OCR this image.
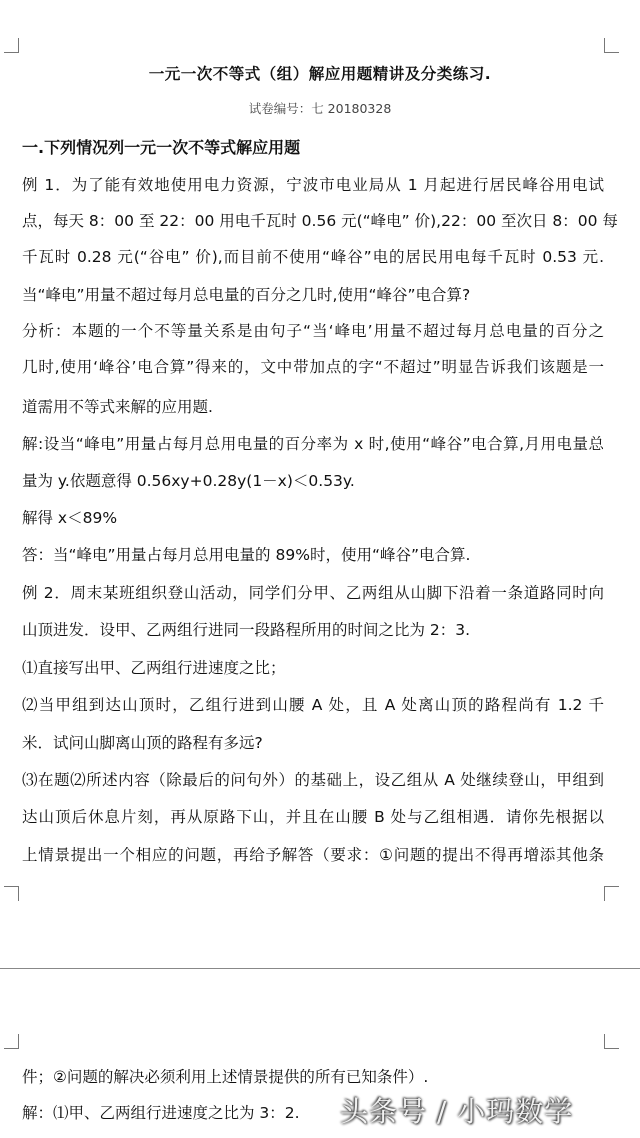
一元一次不等式（组）解应用题精讲及分类练习.
试卷编号：七 20180328
一.下列情况列一元一次不等式解应用题
例 1．为了能有效地使用电力资源，宁波市电业局从 1 月起进行居民峰谷用电试
点，每天 8：00 至 22：00 用电千瓦时 0.56 元(“峰电” 价),22：00 至次日 8：00 每
千瓦时 0.28 元(“谷电” 价),而目前不使用“峰谷”电的居民用电每千瓦时 0.53 元.
当“峰电”用量不超过每月总电量的百分之几时,使用“峰谷”电合算?
分析：本题的一个不等量关系是由句子“当‘峰电’用量不超过每月总电量的百分之
几时,使用‘峰谷’电合算”得来的，文中带加点的字“不超过”明显告诉我们该题是一
道需用不等式来解的应用题.
解:设当“峰电”用量占每月总用电量的百分率为 x 时,使用“峰谷”电合算,月用电量总
量为 y.依题意得 0.56xy+0.28y(1－x)＜0.53y.
解得 x＜89%
答：当“峰电”用量占每月总用电量的 89%时，使用“峰谷”电合算.
例 2．周末某班组织登山活动，同学们分甲、乙两组从山脚下沿着一条道路同时向
山顶进发．设甲、乙两组行进同一段路程所用的时间之比为 2：3.
⑴直接写出甲、乙两组行进速度之比；
⑵当甲组到达山顶时，乙组行进到山腰 A 处，且 A 处离山顶的路程尚有 1.2 千
米．试问山脚离山顶的路程有多远?
⑶在题⑵所述内容（除最后的问句外）的基础上，设乙组从 A 处继续登山，甲组到
达山顶后休息片刻，再从原路下山，并且在山腰 B 处与乙组相遇．请你先根据以
上情景提出一个相应的问题，再给予解答（要求：①问题的提出不得再增添其他条
件；②问题的解决必须利用上述情景提供的所有已知条件）.
解：⑴甲、乙两组行进速度之比为 3：2. 头条号 / 小玛数学
